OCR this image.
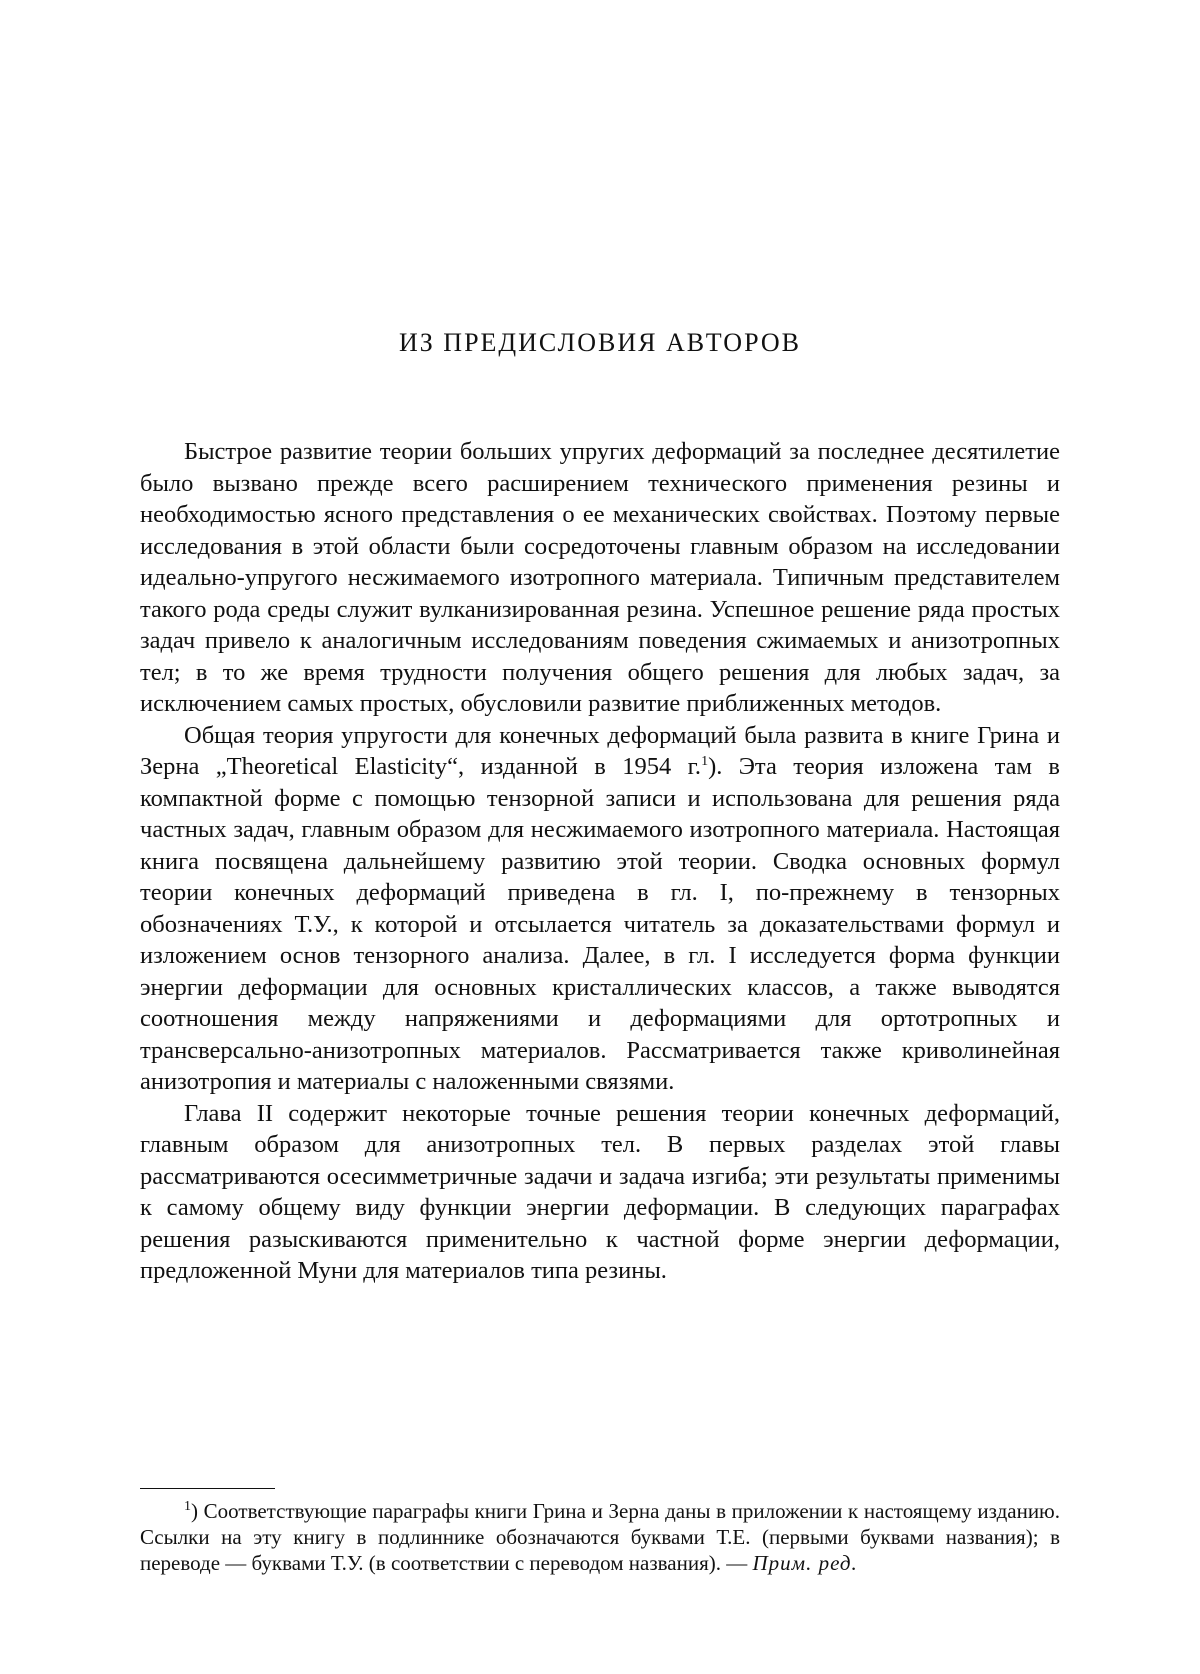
ИЗ ПРЕДИСЛОВИЯ АВТОРОВ

Быстрое развитие теории больших упругих деформаций за последнее десятилетие было вызвано прежде всего расширением технического применения резины и необходимостью ясного представления о ее механических свойствах. Поэтому первые исследования в этой области были сосредоточены главным образом на исследовании идеально-упругого несжимаемого изотропного материала. Типичным представителем такого рода среды служит вулканизированная резина. Успешное решение ряда простых задач привело к аналогичным исследованиям поведения сжимаемых и анизотропных тел; в то же время трудности получения общего решения для любых задач, за исключением самых простых, обусловили развитие приближенных методов.

Общая теория упругости для конечных деформаций была развита в книге Грина и Зерна „Theoretical Elasticity“, изданной в 1954 г.$^1$). Эта теория изложена там в компактной форме с помощью тензорной записи и использована для решения ряда частных задач, главным образом для несжимаемого изотропного материала. Настоящая книга посвящена дальнейшему развитию этой теории. Сводка основных формул теории конечных деформаций приведена в гл. I, по-прежнему в тензорных обозначениях Т.У., к которой и отсылается читатель за доказательствами формул и изложением основ тензорного анализа. Далее, в гл. I исследуется форма функции энергии деформации для основных кристаллических классов, а также выводятся соотношения между напряжениями и деформациями для ортотропных и трансверсально-анизотропных материалов. Рассматривается также криволинейная анизотропия и материалы с наложенными связями.

Глава II содержит некоторые точные решения теории конечных деформаций, главным образом для анизотропных тел. В первых разделах этой главы рассматриваются осесимметричные задачи и задача изгиба; эти результаты применимы к самому общему виду функции энергии деформации. В следующих параграфах решения разыскиваются применительно к частной форме энергии деформации, предложенной Муни для материалов типа резины.

$^1$) Соответствующие параграфы книги Грина и Зерна даны в приложении к настоящему изданию. Ссылки на эту книгу в подлиннике обозначаются буквами Т.Е. (первыми буквами названия); в переводе — буквами Т.У. (в соответствии с переводом названия). — Прим. ред.
